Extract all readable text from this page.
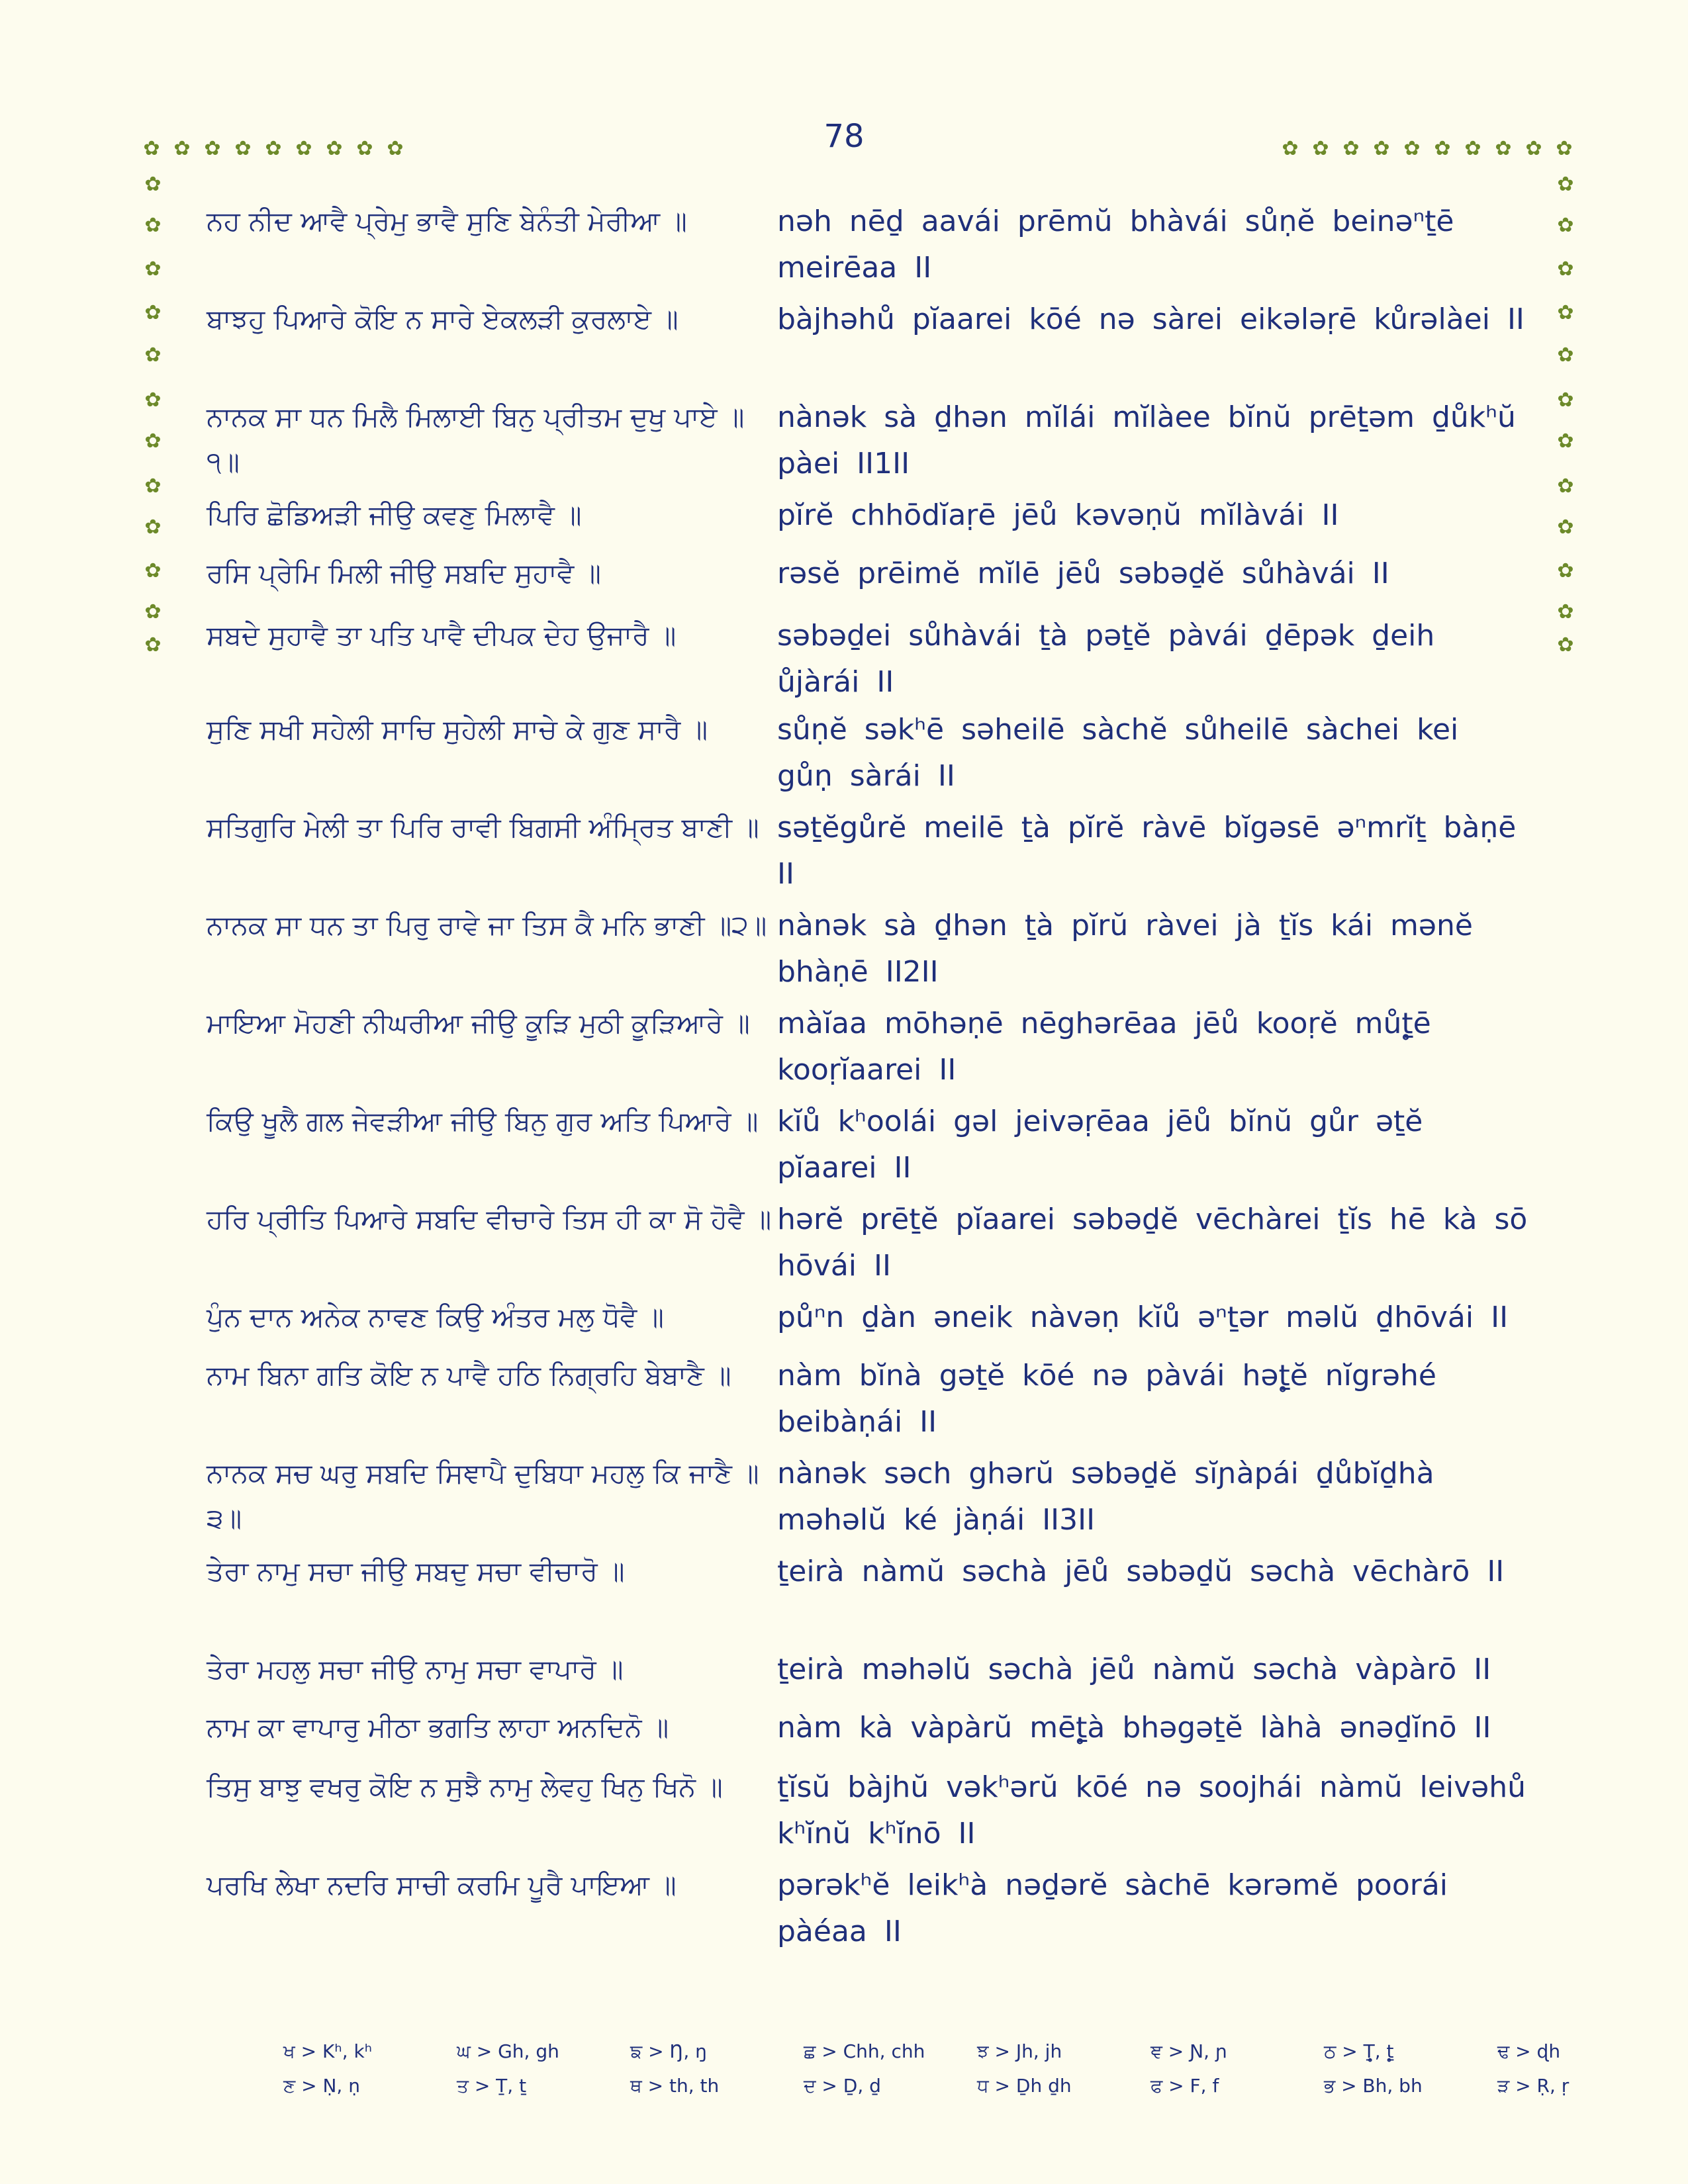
78
✿ ✿ ✿ ✿ ✿ ✿ ✿ ✿ ✿	✿ ✿ ✿ ✿ ✿ ✿ ✿ ✿ ✿ ✿
✿
✿
✿
✿
✿
✿
✿
✿
✿
✿
✿
✿
✿
✿
✿
✿
✿
✿
✿
✿
✿
✿
✿
✿
ਨਹ ਨੀਦ ਆਵੈ ਪ੍ਰੇਮੁ ਭਾਵੈ ਸੁਣਿ ਬੇਨੰਤੀ ਮੇਰੀਆ ॥	nəh nēḏ aavái prēmŭ bhàvái sůṇĕ beinəⁿṯē meirēaa II
ਬਾਝਹੁ ਪਿਆਰੇ ਕੋਇ ਨ ਸਾਰੇ ਏਕਲੜੀ ਕੁਰਲਾਏ ॥	bàjhəhů pĭaarei kōé nə sàrei eikələṛē kůrəlàei II
ਨਾਨਕ ਸਾ ਧਨ ਮਿਲੈ ਮਿਲਾਈ ਬਿਨੁ ਪ੍ਰੀਤਮ ਦੁਖੁ ਪਾਏ ॥੧॥
nànək sà ḏhən mĭlái mĭlàee bĭnŭ prēṯəm ḏůkʰŭ pàei II1II
ਪਿਰਿ ਛੋਡਿਅੜੀ ਜੀਉ ਕਵਣੁ ਮਿਲਾਵੈ ॥	pĭrĕ chhōdĭaṛē jēů kəvəṇŭ mĭlàvái II
ਰਸਿ ਪ੍ਰੇਮਿ ਮਿਲੀ ਜੀਉ ਸਬਦਿ ਸੁਹਾਵੈ ॥	rəsĕ prēimĕ mĭlē jēů səbəḏĕ sůhàvái II
ਸਬਦੇ ਸੁਹਾਵੈ ਤਾ ਪਤਿ ਪਾਵੈ ਦੀਪਕ ਦੇਹ ਉਜਾਰੈ ॥	səbəḏei sůhàvái ṯà pəṯĕ pàvái ḏēpək ḏeih ůjàrái II
ਸੁਣਿ ਸਖੀ ਸਹੇਲੀ ਸਾਚਿ ਸੁਹੇਲੀ ਸਾਚੇ ਕੇ ਗੁਣ ਸਾਰੈ ॥	sůṇĕ səkʰē səheilē sàchĕ sůheilē sàchei kei gůṇ sàrái II
ਸਤਿਗੁਰਿ ਮੇਲੀ ਤਾ ਪਿਰਿ ਰਾਵੀ ਬਿਗਸੀ ਅੰਮ੍ਰਿਤ ਬਾਣੀ ॥ səṯĕgůrĕ meilē ṯà pĭrĕ ràvē bĭgəsē əⁿmrĭṯ bàṇē II
ਨਾਨਕ ਸਾ ਧਨ ਤਾ ਪਿਰੁ ਰਾਵੇ ਜਾ ਤਿਸ ਕੈ ਮਨਿ ਭਾਣੀ ॥੨॥ nànək sà ḏhən ṯà pĭrŭ ràvei jà ṯĭs kái mənĕ bhàṇē II2II
ਮਾਇਆ ਮੋਹਣੀ ਨੀਘਰੀਆ ਜੀਉ ਕੂੜਿ ਮੁਠੀ ਕੂੜਿਆਰੇ ॥ màĭaa mōhəṇē nēghərēaa jēů kooṛĕ můṯ̥ē kooṛĭaarei II
ਕਿਉ ਖੂਲੈ ਗਲ ਜੇਵੜੀਆ ਜੀਉ ਬਿਨੁ ਗੁਰ ਅਤਿ ਪਿਆਰੇ ॥ kĭů kʰoolái gəl jeivəṛēaa jēů bĭnŭ gůr əṯĕ pĭaarei II
ਹਰਿ ਪ੍ਰੀਤਿ ਪਿਆਰੇ ਸਬਦਿ ਵੀਚਾਰੇ ਤਿਸ ਹੀ ਕਾ ਸੋ ਹੋਵੈ ॥ hərĕ prēṯĕ pĭaarei səbəḏĕ vēchàrei ṯĭs hē kà sō hōvái II
ਪੁੰਨ ਦਾਨ ਅਨੇਕ ਨਾਵਣ ਕਿਉ ਅੰਤਰ ਮਲੁ ਧੋਵੈ ॥	půⁿn ḏàn əneik nàvəṇ kĭů əⁿṯər məlŭ ḏhōvái II
ਨਾਮ ਬਿਨਾ ਗਤਿ ਕੋਇ ਨ ਪਾਵੈ ਹਠਿ ਨਿਗ੍ਰਹਿ ਬੇਬਾਣੈ ॥	nàm bĭnà gəṯĕ kōé nə pàvái həṯ̥ĕ nĭgrəhé beibàṇái II
ਨਾਨਕ ਸਚ ਘਰੁ ਸਬਦਿ ਸਿਞਾਪੈ ਦੁਬਿਧਾ ਮਹਲੁ ਕਿ ਜਾਣੈ ॥੩॥
nànək səch ghərŭ səbəḏĕ sĭɲàpái ḏůbĭḏhà məhəlŭ ké jàṇái II3II
ਤੇਰਾ ਨਾਮੁ ਸਚਾ ਜੀਉ ਸਬਦੁ ਸਚਾ ਵੀਚਾਰੋ ॥	ṯeirà nàmŭ səchà jēů səbəḏŭ səchà vēchàrō II
ਤੇਰਾ ਮਹਲੁ ਸਚਾ ਜੀਉ ਨਾਮੁ ਸਚਾ ਵਾਪਾਰੋ ॥	ṯeirà məhəlŭ səchà jēů nàmŭ səchà vàpàrō II
ਨਾਮ ਕਾ ਵਾਪਾਰੁ ਮੀਠਾ ਭਗਤਿ ਲਾਹਾ ਅਨਦਿਨੋ ॥	nàm kà vàpàrŭ mēṯ̥à bhəgəṯĕ làhà ənəḏĭnō II
ਤਿਸੁ ਬਾਝੁ ਵਖਰੁ ਕੋਇ ਨ ਸੁਝੈ ਨਾਮੁ ਲੇਵਹੁ ਖਿਨੁ ਖਿਨੋ ॥	ṯĭsŭ bàjhŭ vəkʰərŭ kōé nə soojhái nàmŭ leivəhů kʰĭnŭ kʰĭnō II
ਪਰਖਿ ਲੇਖਾ ਨਦਰਿ ਸਾਚੀ ਕਰਮਿ ਪੂਰੈ ਪਾਇਆ ॥	pərəkʰĕ leikʰà nəḏərĕ sàchē kərəmĕ poorái pàéaa II
ਖ > Kʰ, kʰ	ਘ > Gh, gh	ਙ > Ŋ, ŋ	ਛ > Chh, chh	ਝ > Jh, jh	ਞ > Ɲ, ɲ	ਠ > Ṯ̥, ṯ̥	ਢ > ɖh
ਣ > Ṇ, ṇ	ਤ > Ṯ, ṯ	ਥ > th, th	ਦ > Ḏ, ḏ	ਧ > Ḏh ḏh	ਫ > F, f	ਭ > Bh, bh	ੜ > Ṛ, ṛ
